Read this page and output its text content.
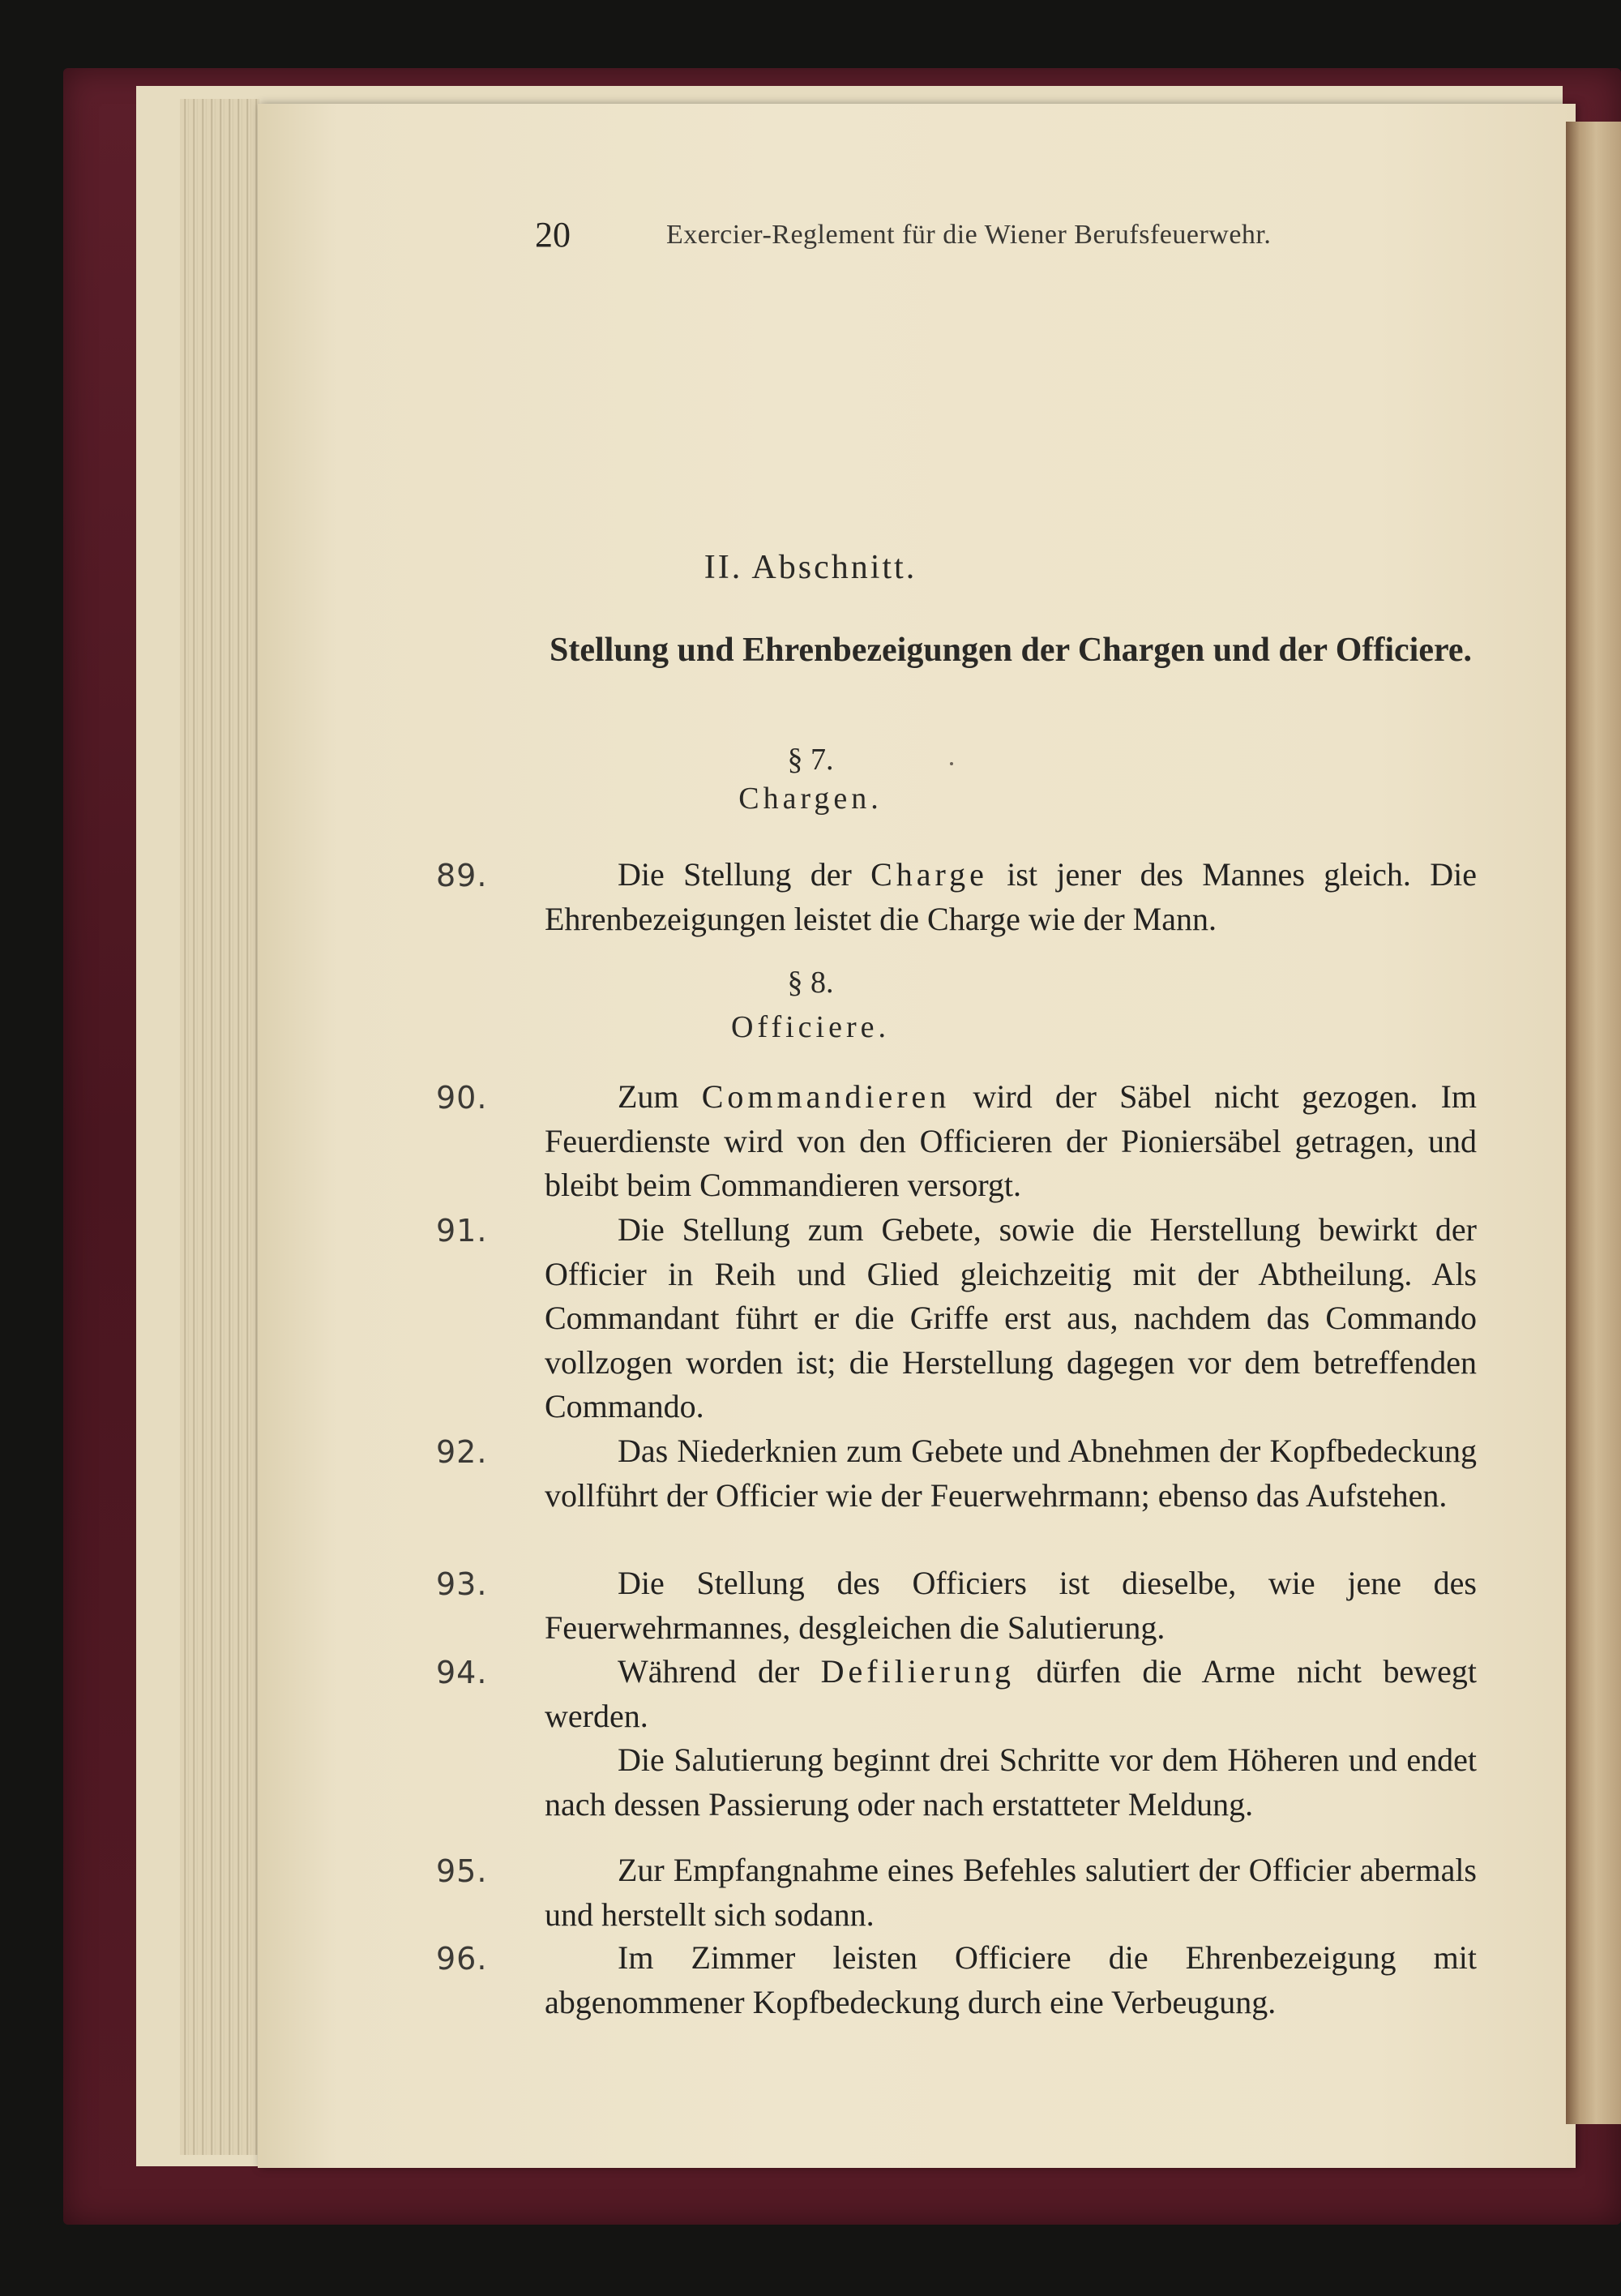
20	Exercier-Reglement für die Wiener Berufsfeuerwehr.
II. Abschnitt.
Stellung und Ehrenbezeigungen der Chargen und der Officiere.
§ 7.
Chargen.
89.	Die Stellung der Charge ist jener des Mannes gleich. Die Ehrenbezeigungen leistet die Charge wie der Mann.

§ 8.
Officiere.
90.	Zum Commandieren wird der Säbel nicht gezogen. Im Feuerdienste wird von den Officieren der Pioniersäbel getragen, und bleibt beim Commandieren versorgt.

91.	Die Stellung zum Gebete, sowie die Herstellung bewirkt der Officier in Reih und Glied gleichzeitig mit der Abtheilung. Als Commandant führt er die Griffe erst aus, nachdem das Commando vollzogen worden ist; die Herstellung dagegen vor dem betreffenden Commando.

92.	Das Niederknien zum Gebete und Abnehmen der Kopfbedeckung vollführt der Officier wie der Feuerwehrmann; ebenso das Aufstehen.

93.	Die Stellung des Officiers ist dieselbe, wie jene des Feuerwehrmannes, desgleichen die Salutierung.

94.	Während der Defilierung dürfen die Arme nicht bewegt werden.

Die Salutierung beginnt drei Schritte vor dem Höheren und endet nach dessen Passierung oder nach erstatteter Meldung.

95.	Zur Empfangnahme eines Befehles salutiert der Officier abermals und herstellt sich sodann.

96.	Im Zimmer leisten Officiere die Ehrenbezeigung mit abgenommener Kopfbedeckung durch eine Verbeugung.
